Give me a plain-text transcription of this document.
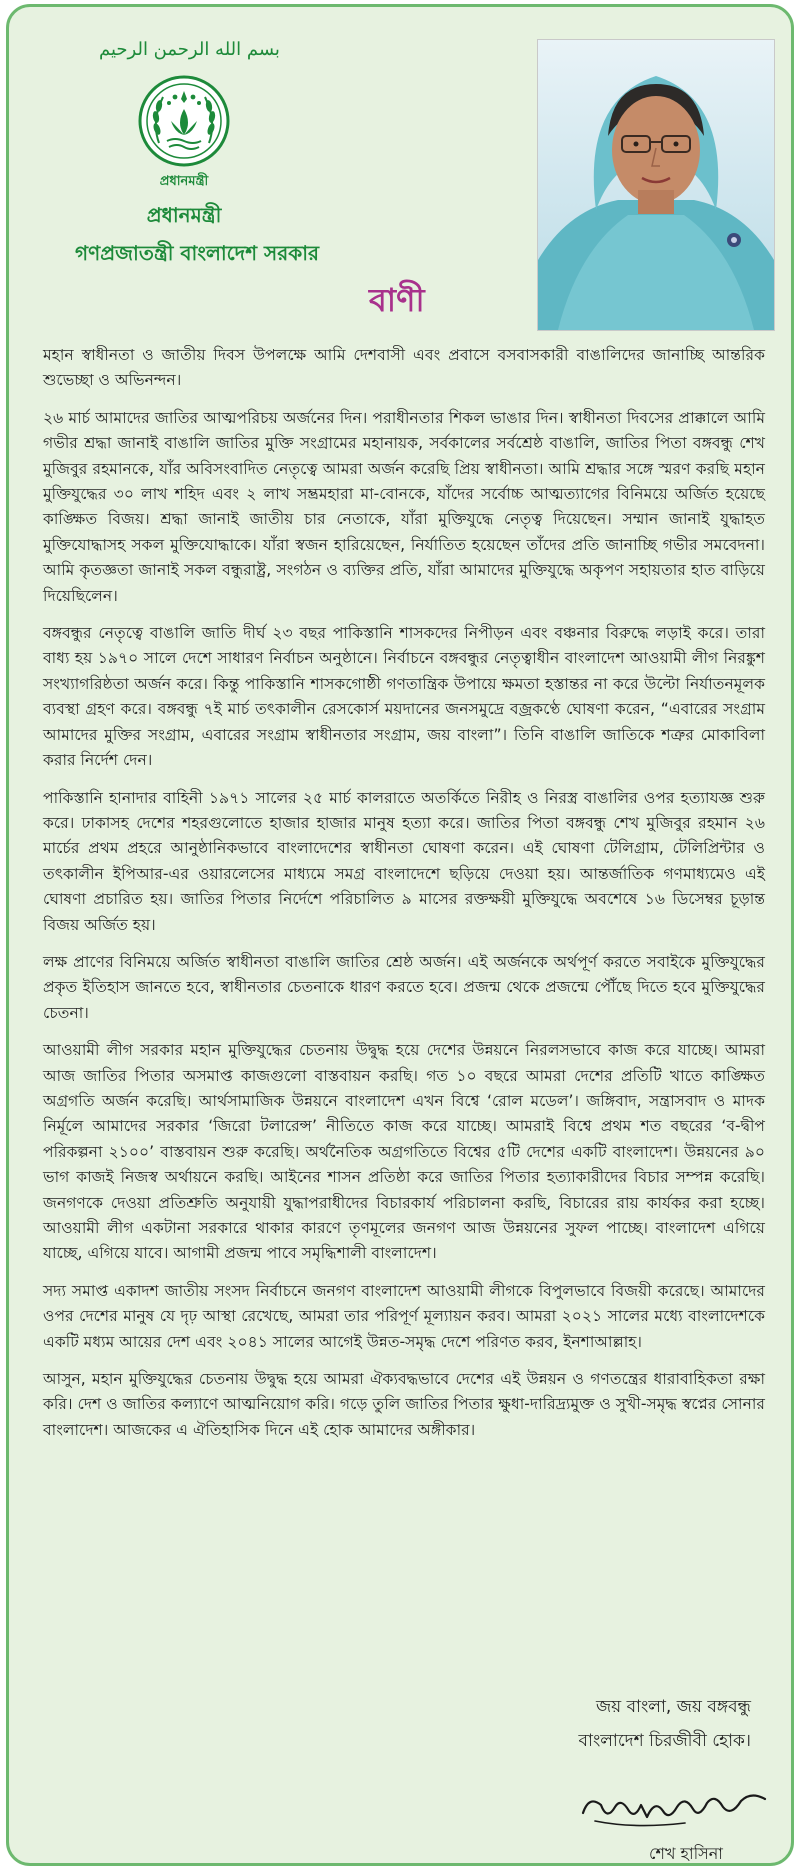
بسم الله الرحمن الرحيم
প্রধানমন্ত্রী
প্রধানমন্ত্রী
গণপ্রজাতন্ত্রী বাংলাদেশ সরকার
বাণী

মহান স্বাধীনতা ও জাতীয় দিবস উপলক্ষে আমি দেশবাসী এবং প্রবাসে বসবাসকারী বাঙালিদের জানাচ্ছি আন্তরিক শুভেচ্ছা ও অভিনন্দন।

২৬ মার্চ আমাদের জাতির আত্মপরিচয় অর্জনের দিন। পরাধীনতার শিকল ভাঙার দিন। স্বাধীনতা দিবসের প্রাক্কালে আমি গভীর শ্রদ্ধা জানাই বাঙালি জাতির মুক্তি সংগ্রামের মহানায়ক, সর্বকালের সর্বশ্রেষ্ঠ বাঙালি, জাতির পিতা বঙ্গবন্ধু শেখ মুজিবুর রহমানকে, যাঁর অবিসংবাদিত নেতৃত্বে আমরা অর্জন করেছি প্রিয় স্বাধীনতা। আমি শ্রদ্ধার সঙ্গে স্মরণ করছি মহান মুক্তিযুদ্ধের ৩০ লাখ শহিদ এবং ২ লাখ সম্ভ্রমহারা মা-বোনকে, যাঁদের সর্বোচ্চ আত্মত্যাগের বিনিময়ে অর্জিত হয়েছে কাঙ্ক্ষিত বিজয়। শ্রদ্ধা জানাই জাতীয় চার নেতাকে, যাঁরা মুক্তিযুদ্ধে নেতৃত্ব দিয়েছেন। সম্মান জানাই যুদ্ধাহত মুক্তিযোদ্ধাসহ সকল মুক্তিযোদ্ধাকে। যাঁরা স্বজন হারিয়েছেন, নির্যাতিত হয়েছেন তাঁদের প্রতি জানাচ্ছি গভীর সমবেদনা। আমি কৃতজ্ঞতা জানাই সকল বন্ধুরাষ্ট্র, সংগঠন ও ব্যক্তির প্রতি, যাঁরা আমাদের মুক্তিযুদ্ধে অকৃপণ সহায়তার হাত বাড়িয়ে দিয়েছিলেন।

বঙ্গবন্ধুর নেতৃত্বে বাঙালি জাতি দীর্ঘ ২৩ বছর পাকিস্তানি শাসকদের নিপীড়ন এবং বঞ্চনার বিরুদ্ধে লড়াই করে। তারা বাধ্য হয় ১৯৭০ সালে দেশে সাধারণ নির্বাচন অনুষ্ঠানে। নির্বাচনে বঙ্গবন্ধুর নেতৃত্বাধীন বাংলাদেশ আওয়ামী লীগ নিরঙ্কুশ সংখ্যাগরিষ্ঠতা অর্জন করে। কিন্তু পাকিস্তানি শাসকগোষ্ঠী গণতান্ত্রিক উপায়ে ক্ষমতা হস্তান্তর না করে উল্টো নির্যাতনমূলক ব্যবস্থা গ্রহণ করে। বঙ্গবন্ধু ৭ই মার্চ তৎকালীন রেসকোর্স ময়দানের জনসমুদ্রে বজ্রকণ্ঠে ঘোষণা করেন, “এবারের সংগ্রাম আমাদের মুক্তির সংগ্রাম, এবারের সংগ্রাম স্বাধীনতার সংগ্রাম, জয় বাংলা”। তিনি বাঙালি জাতিকে শত্রুর মোকাবিলা করার নির্দেশ দেন।

পাকিস্তানি হানাদার বাহিনী ১৯৭১ সালের ২৫ মার্চ কালরাতে অতর্কিতে নিরীহ ও নিরস্ত্র বাঙালির ওপর হত্যাযজ্ঞ শুরু করে। ঢাকাসহ দেশের শহরগুলোতে হাজার হাজার মানুষ হত্যা করে। জাতির পিতা বঙ্গবন্ধু শেখ মুজিবুর রহমান ২৬ মার্চের প্রথম প্রহরে আনুষ্ঠানিকভাবে বাংলাদেশের স্বাধীনতা ঘোষণা করেন। এই ঘোষণা টেলিগ্রাম, টেলিপ্রিন্টার ও তৎকালীন ইপিআর-এর ওয়ারলেসের মাধ্যমে সমগ্র বাংলাদেশে ছড়িয়ে দেওয়া হয়। আন্তর্জাতিক গণমাধ্যমেও এই ঘোষণা প্রচারিত হয়। জাতির পিতার নির্দেশে পরিচালিত ৯ মাসের রক্তক্ষয়ী মুক্তিযুদ্ধে অবশেষে ১৬ ডিসেম্বর চূড়ান্ত বিজয় অর্জিত হয়।

লক্ষ প্রাণের বিনিময়ে অর্জিত স্বাধীনতা বাঙালি জাতির শ্রেষ্ঠ অর্জন। এই অর্জনকে অর্থপূর্ণ করতে সবাইকে মুক্তিযুদ্ধের প্রকৃত ইতিহাস জানতে হবে, স্বাধীনতার চেতনাকে ধারণ করতে হবে। প্রজন্ম থেকে প্রজন্মে পৌঁছে দিতে হবে মুক্তিযুদ্ধের চেতনা।

আওয়ামী লীগ সরকার মহান মুক্তিযুদ্ধের চেতনায় উদ্বুদ্ধ হয়ে দেশের উন্নয়নে নিরলসভাবে কাজ করে যাচ্ছে। আমরা আজ জাতির পিতার অসমাপ্ত কাজগুলো বাস্তবায়ন করছি। গত ১০ বছরে আমরা দেশের প্রতিটি খাতে কাঙ্ক্ষিত অগ্রগতি অর্জন করেছি। আর্থসামাজিক উন্নয়নে বাংলাদেশ এখন বিশ্বে ‘রোল মডেল’। জঙ্গিবাদ, সন্ত্রাসবাদ ও মাদক নির্মূলে আমাদের সরকার ‘জিরো টলারেন্স’ নীতিতে কাজ করে যাচ্ছে। আমরাই বিশ্বে প্রথম শত বছরের ‘ব-দ্বীপ পরিকল্পনা ২১০০’ বাস্তবায়ন শুরু করেছি। অর্থনৈতিক অগ্রগতিতে বিশ্বের ৫টি দেশের একটি বাংলাদেশ। উন্নয়নের ৯০ ভাগ কাজই নিজস্ব অর্থায়নে করছি। আইনের শাসন প্রতিষ্ঠা করে জাতির পিতার হত্যাকারীদের বিচার সম্পন্ন করেছি। জনগণকে দেওয়া প্রতিশ্রুতি অনুযায়ী যুদ্ধাপরাধীদের বিচারকার্য পরিচালনা করছি, বিচারের রায় কার্যকর করা হচ্ছে। আওয়ামী লীগ একটানা সরকারে থাকার কারণে তৃণমূলের জনগণ আজ উন্নয়নের সুফল পাচ্ছে। বাংলাদেশ এগিয়ে যাচ্ছে, এগিয়ে যাবে। আগামী প্রজন্ম পাবে সমৃদ্ধিশালী বাংলাদেশ।

সদ্য সমাপ্ত একাদশ জাতীয় সংসদ নির্বাচনে জনগণ বাংলাদেশ আওয়ামী লীগকে বিপুলভাবে বিজয়ী করেছে। আমাদের ওপর দেশের মানুষ যে দৃঢ় আস্থা রেখেছে, আমরা তার পরিপূর্ণ মূল্যায়ন করব। আমরা ২০২১ সালের মধ্যে বাংলাদেশকে একটি মধ্যম আয়ের দেশ এবং ২০৪১ সালের আগেই উন্নত-সমৃদ্ধ দেশে পরিণত করব, ইনশাআল্লাহ।

আসুন, মহান মুক্তিযুদ্ধের চেতনায় উদ্বুদ্ধ হয়ে আমরা ঐক্যবদ্ধভাবে দেশের এই উন্নয়ন ও গণতন্ত্রের ধারাবাহিকতা রক্ষা করি। দেশ ও জাতির কল্যাণে আত্মনিয়োগ করি। গড়ে তুলি জাতির পিতার ক্ষুধা-দারিদ্র্যমুক্ত ও সুখী-সমৃদ্ধ স্বপ্নের সোনার বাংলাদেশ। আজকের এ ঐতিহাসিক দিনে এই হোক আমাদের অঙ্গীকার।

জয় বাংলা, জয় বঙ্গবন্ধু
বাংলাদেশ চিরজীবী হোক।
শেখ হাসিনা
